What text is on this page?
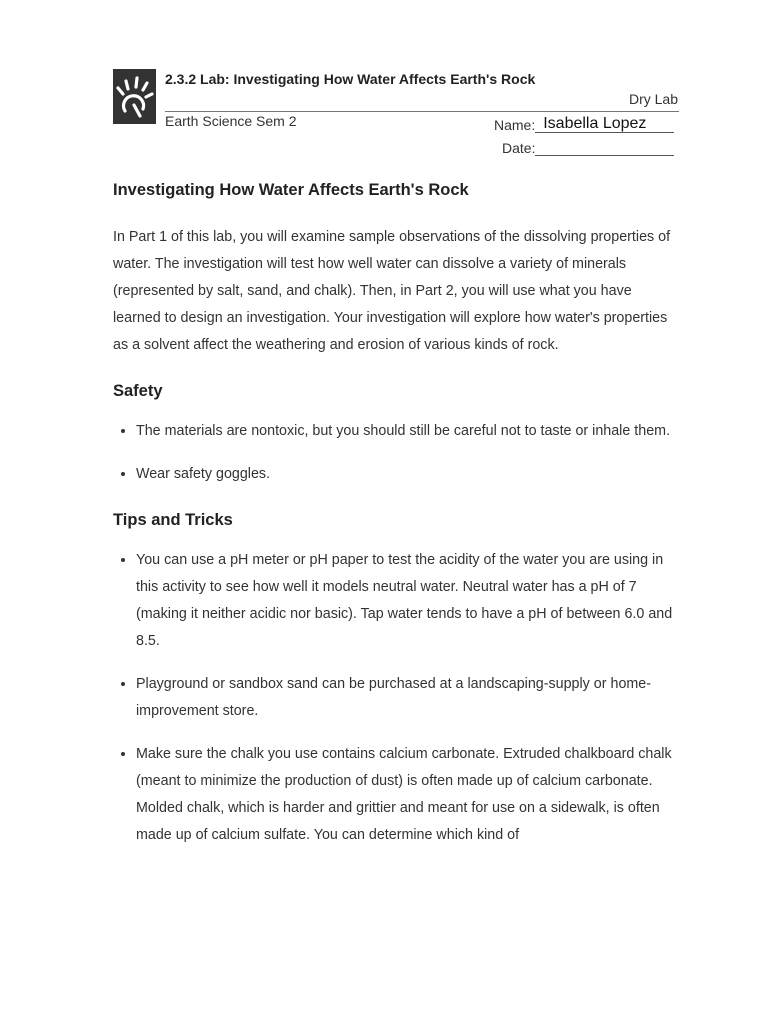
2.3.2 Lab: Investigating How Water Affects Earth's Rock
Dry Lab
Earth Science Sem 2	Name: Isabella Lopez
Date:
Investigating How Water Affects Earth's Rock

In Part 1 of this lab, you will examine sample observations of the dissolving properties of water. The investigation will test how well water can dissolve a variety of minerals (represented by salt, sand, and chalk). Then, in Part 2, you will use what you have learned to design an investigation. Your investigation will explore how water's properties as a solvent affect the weathering and erosion of various kinds of rock.

Safety
• The materials are nontoxic, but you should still be careful not to taste or inhale them.
• Wear safety goggles.
Tips and Tricks
• You can use a pH meter or pH paper to test the acidity of the water you are using in this activity to see how well it models neutral water. Neutral water has a pH of 7 (making it neither acidic nor basic). Tap water tends to have a pH of between 6.0 and 8.5.
• Playground or sandbox sand can be purchased at a landscaping-supply or home-improvement store.
• Make sure the chalk you use contains calcium carbonate. Extruded chalkboard chalk (meant to minimize the production of dust) is often made up of calcium carbonate. Molded chalk, which is harder and grittier and meant for use on a sidewalk, is often made up of calcium sulfate. You can determine which kind of
